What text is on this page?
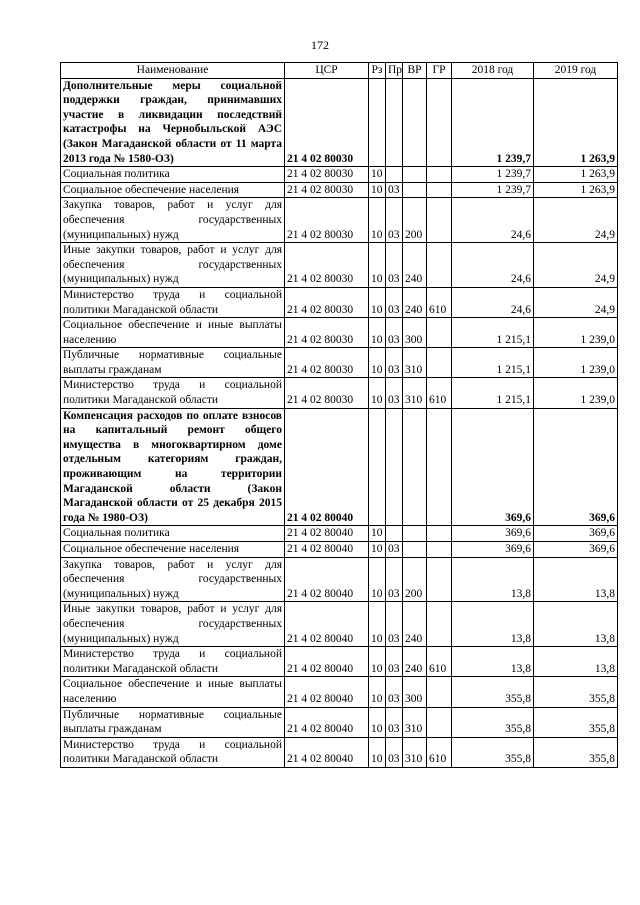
172
Наименование	ЦСР	Рз	Пр	ВР	ГР	2018 год	2019 год
Дополнительные меры социальной поддержки граждан, принимавших участие в ликвидации последствий катастрофы на Чернобыльской АЭС (Закон Магаданской области от 11 марта 2013 года № 1580-ОЗ)	21 4 02 80030					1 239,7	1 263,9
Социальная политика	21 4 02 80030	10				1 239,7	1 263,9
Социальное обеспечение населения	21 4 02 80030	10	03			1 239,7	1 263,9
Закупка товаров, работ и услуг для обеспечения государственных (муниципальных) нужд	21 4 02 80030	10	03	200		24,6	24,9
Иные закупки товаров, работ и услуг для обеспечения государственных (муниципальных) нужд	21 4 02 80030	10	03	240		24,6	24,9
Министерство труда и социальной политики Магаданской области	21 4 02 80030	10	03	240	610	24,6	24,9
Социальное обеспечение и иные выплаты населению	21 4 02 80030	10	03	300		1 215,1	1 239,0
Публичные нормативные социальные выплаты гражданам	21 4 02 80030	10	03	310		1 215,1	1 239,0
Министерство труда и социальной политики Магаданской области	21 4 02 80030	10	03	310	610	1 215,1	1 239,0
Компенсация расходов по оплате взносов на капитальный ремонт общего имущества в многоквартирном доме отдельным категориям граждан, проживающим на территории Магаданской области (Закон Магаданской области от 25 декабря 2015 года № 1980-ОЗ)	21 4 02 80040					369,6	369,6
Социальная политика	21 4 02 80040	10				369,6	369,6
Социальное обеспечение населения	21 4 02 80040	10	03			369,6	369,6
Закупка товаров, работ и услуг для обеспечения государственных (муниципальных) нужд	21 4 02 80040	10	03	200		13,8	13,8
Иные закупки товаров, работ и услуг для обеспечения государственных (муниципальных) нужд	21 4 02 80040	10	03	240		13,8	13,8
Министерство труда и социальной политики Магаданской области	21 4 02 80040	10	03	240	610	13,8	13,8
Социальное обеспечение и иные выплаты населению	21 4 02 80040	10	03	300		355,8	355,8
Публичные нормативные социальные выплаты гражданам	21 4 02 80040	10	03	310		355,8	355,8
Министерство труда и социальной политики Магаданской области	21 4 02 80040	10	03	310	610	355,8	355,8
